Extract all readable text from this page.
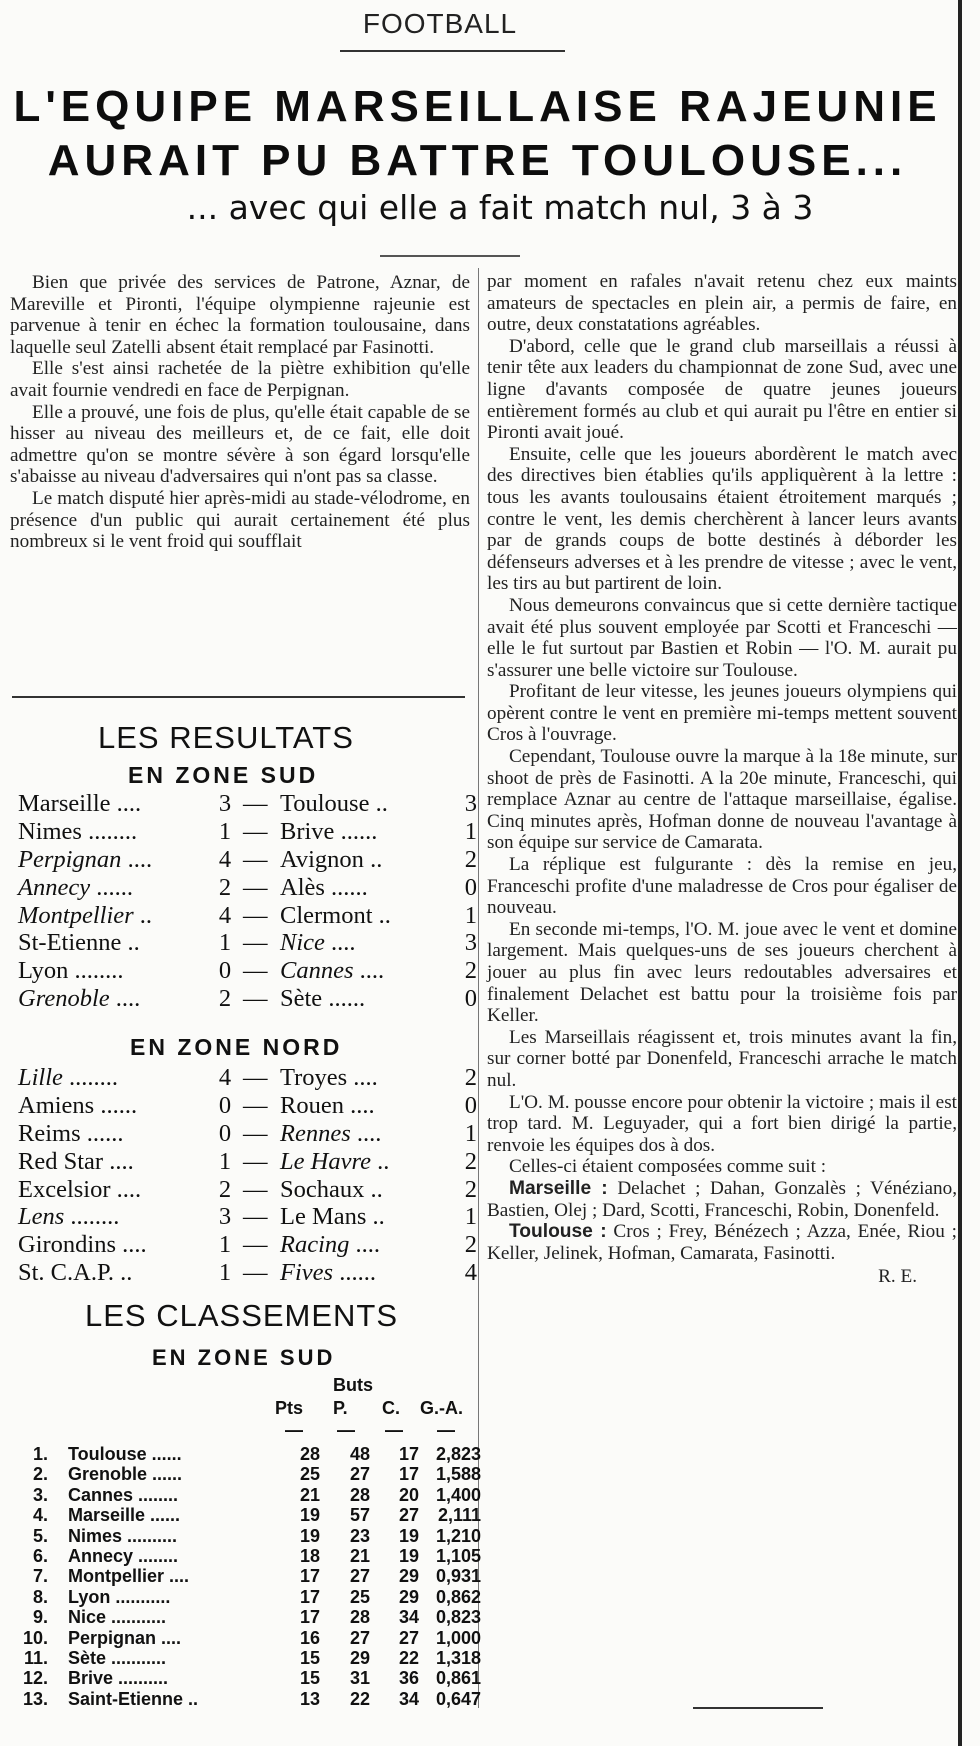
FOOTBALL
L'EQUIPE MARSEILLAISE RAJEUNIE
AURAIT PU BATTRE TOULOUSE...
... avec qui elle a fait match nul, 3 à 3

Bien que privée des services de Patrone, Aznar, de Mareville et Pironti, l'équipe olympienne rajeunie est parvenue à tenir en échec la formation toulousaine, dans laquelle seul Zatelli absent était remplacé par Fasinotti.

Elle s'est ainsi rachetée de la piètre exhibition qu'elle avait fournie vendredi en face de Perpignan.

Elle a prouvé, une fois de plus, qu'elle était capable de se hisser au niveau des meilleurs et, de ce fait, elle doit admettre qu'on se montre sévère à son égard lorsqu'elle s'abaisse au niveau d'adversaires qui n'ont pas sa classe.

Le match disputé hier après-midi au stade-vélodrome, en présence d'un public qui aurait certainement été plus nombreux si le vent froid qui soufflait

LES RESULTATS
EN ZONE SUD
Marseille ....	3 — Toulouse ..	3
Nimes ........	1 — Brive ......	1
Perpignan ....	4 — Avignon ..	2
Annecy ......	2 — Alès ......	0
Montpellier ..	4 — Clermont ..	1
St-Etienne ..	1 — Nice ....	3
Lyon ........	0 — Cannes ....	2
Grenoble ....	2 — Sète ......	0
EN ZONE NORD
Lille ........	4 — Troyes ....	2
Amiens ......	0 — Rouen ....	0
Reims ......	0 — Rennes ....	1
Red Star ....	1 — Le Havre ..	2
Excelsior ....	2 — Sochaux ..	2
Lens ........	3 — Le Mans ..	1
Girondins ....	1 — Racing ....	2
St. C.A.P. ..	1 — Fives ......	4
LES CLASSEMENTS
EN ZONE SUD
Buts
Pts P. C. G.-A.
— — — —
1. Toulouse ......	28	48	17 2,823
2. Grenoble ......	25	27	17 1,588
3. Cannes ........	21	28	20 1,400
4. Marseille ......	19	57	27	2,111
5. Nimes ..........	19	23	19 1,210
6. Annecy ........	18	21	19 1,105
7. Montpellier ....	17	27	29 0,931
8. Lyon ...........	17	25	29 0,862
9. Nice ...........	17	28	34 0,823
10. Perpignan ....	16	27	27 1,000
11. Sète ...........	15	29	22 1,318
12. Brive ..........	15	31	36 0,861
13. Saint-Etienne ..	13	22	34 0,647

par moment en rafales n'avait retenu chez eux maints amateurs de spectacles en plein air, a permis de faire, en outre, deux constatations agréables.

D'abord, celle que le grand club marseillais a réussi à tenir tête aux leaders du championnat de zone Sud, avec une ligne d'avants composée de quatre jeunes joueurs entièrement formés au club et qui aurait pu l'être en entier si Pironti avait joué.

Ensuite, celle que les joueurs abordèrent le match avec des directives bien établies qu'ils appliquèrent à la lettre : tous les avants toulousains étaient étroitement marqués ; contre le vent, les demis cherchèrent à lancer leurs avants par de grands coups de botte destinés à déborder les défenseurs adverses et à les prendre de vitesse ; avec le vent, les tirs au but partirent de loin.

Nous demeurons convaincus que si cette dernière tactique avait été plus souvent employée par Scotti et Franceschi — elle le fut surtout par Bastien et Robin — l'O. M. aurait pu s'assurer une belle victoire sur Toulouse.

Profitant de leur vitesse, les jeunes joueurs olympiens qui opèrent contre le vent en première mi-temps mettent souvent Cros à l'ouvrage.

Cependant, Toulouse ouvre la marque à la 18e minute, sur shoot de près de Fasinotti. A la 20e minute, Franceschi, qui remplace Aznar au centre de l'attaque marseillaise, égalise. Cinq minutes après, Hofman donne de nouveau l'avantage à son équipe sur service de Camarata.

La réplique est fulgurante : dès la remise en jeu, Franceschi profite d'une maladresse de Cros pour égaliser de nouveau.

En seconde mi-temps, l'O. M. joue avec le vent et domine largement. Mais quelques-uns de ses joueurs cherchent à jouer au plus fin avec leurs redoutables adversaires et finalement Delachet est battu pour la troisième fois par Keller.

Les Marseillais réagissent et, trois minutes avant la fin, sur corner botté par Donenfeld, Franceschi arrache le match nul.

L'O. M. pousse encore pour obtenir la victoire ; mais il est trop tard. M. Leguyader, qui a fort bien dirigé la partie, renvoie les équipes dos à dos.

Celles-ci étaient composées comme suit :

Marseille : Delachet ; Dahan, Gonzalès ; Vénéziano, Bastien, Olej ; Dard, Scotti, Franceschi, Robin, Donenfeld.

Toulouse : Cros ; Frey, Bénézech ; Azza, Enée, Riou ; Keller, Jelinek, Hofman, Camarata, Fasinotti.

R. E.
